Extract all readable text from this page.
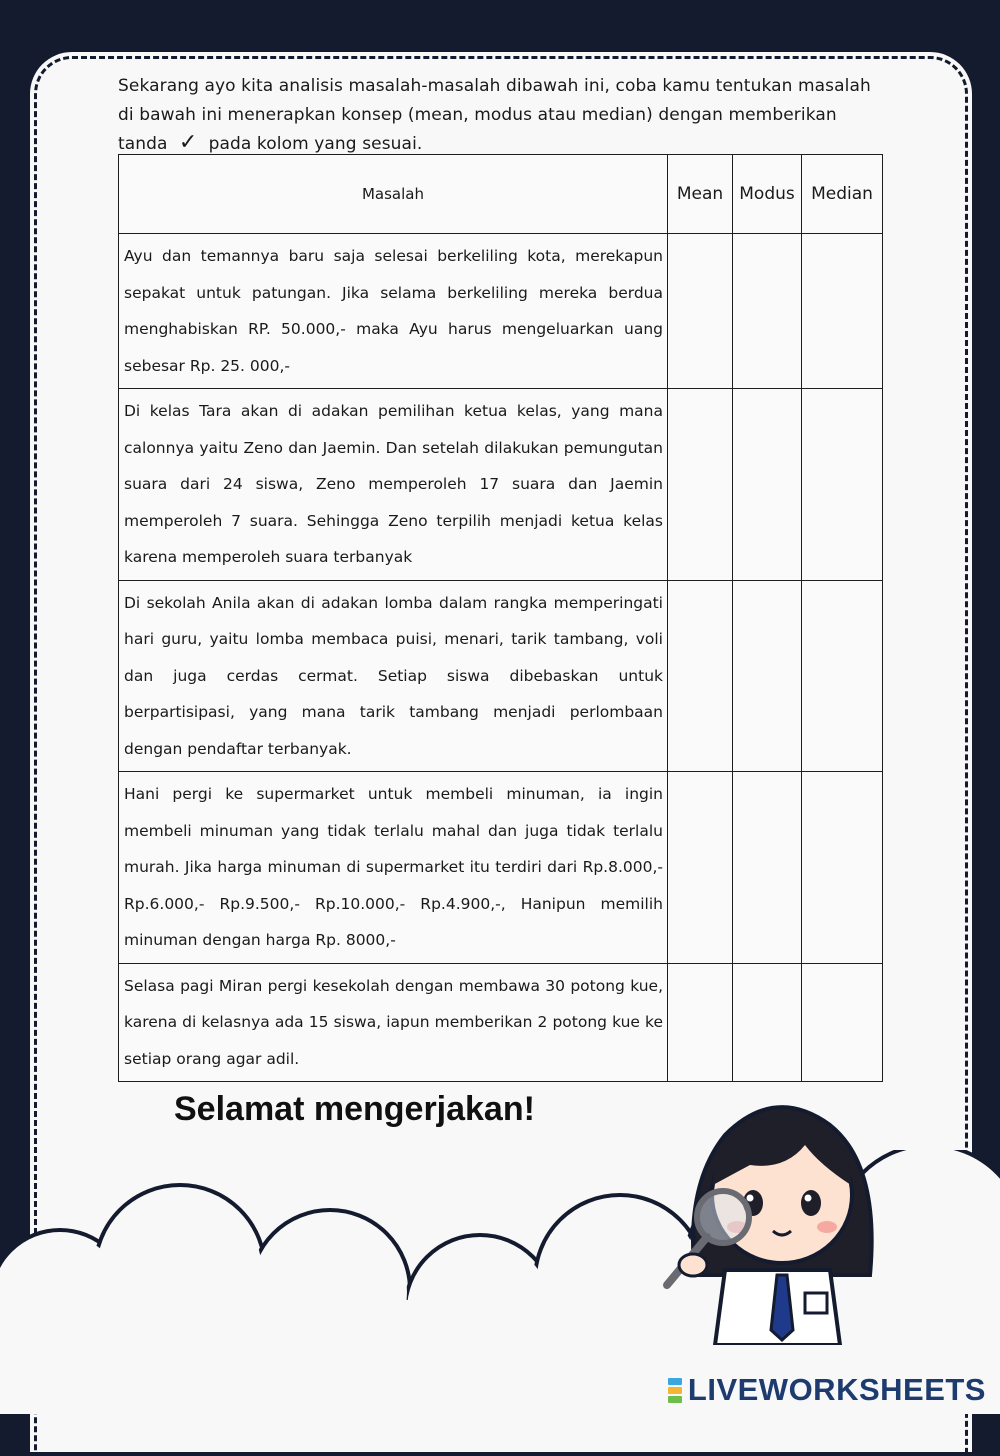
Sekarang ayo kita analisis masalah-masalah dibawah ini, coba kamu tentukan masalah di bawah ini menerapkan konsep (mean, modus atau median) dengan memberikan tanda ✓ pada kolom yang sesuai.
Masalah	Mean	Modus	Median
Ayu dan temannya baru saja selesai berkeliling kota, merekapun sepakat untuk patungan. Jika selama berkeliling mereka berdua menghabiskan RP. 50.000,- maka Ayu harus mengeluarkan uang sebesar Rp. 25. 000,-			
Di kelas Tara akan di adakan pemilihan ketua kelas, yang mana calonnya yaitu Zeno dan Jaemin. Dan setelah dilakukan pemungutan suara dari 24 siswa, Zeno memperoleh 17 suara dan Jaemin memperoleh 7 suara. Sehingga Zeno terpilih menjadi ketua kelas karena memperoleh suara terbanyak			
Di sekolah Anila akan di adakan lomba dalam rangka memperingati hari guru, yaitu lomba membaca puisi, menari, tarik tambang, voli dan juga cerdas cermat. Setiap siswa dibebaskan untuk berpartisipasi, yang mana tarik tambang menjadi perlombaan dengan pendaftar terbanyak.			
Hani pergi ke supermarket untuk membeli minuman, ia ingin membeli minuman yang tidak terlalu mahal dan juga tidak terlalu murah. Jika harga minuman di supermarket itu terdiri dari Rp.8.000,- Rp.6.000,- Rp.9.500,- Rp.10.000,- Rp.4.900,-, Hanipun memilih minuman dengan harga Rp. 8000,-			
Selasa pagi Miran pergi kesekolah dengan membawa 30 potong kue, karena di kelasnya ada 15 siswa, iapun memberikan 2 potong kue ke setiap orang agar adil.			
Selamat mengerjakan!
LIVEWORKSHEETS
